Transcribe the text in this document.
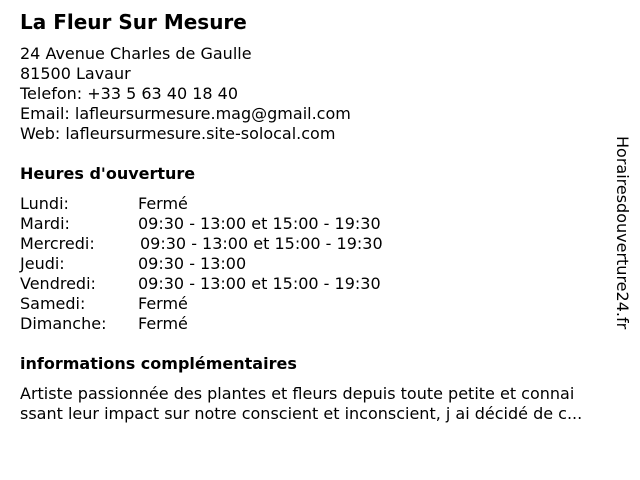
La Fleur Sur Mesure
24 Avenue Charles de Gaulle
81500 Lavaur
Telefon: +33 5 63 40 18 40
Email: lafleursurmesure.mag@gmail.com
Web: lafleursurmesure.site-solocal.com
Heures d'ouverture
Lundi:	Fermé
Mardi:	09:30 - 13:00 et 15:00 - 19:30
Mercredi:	09:30 - 13:00 et 15:00 - 19:30
Jeudi:	09:30 - 13:00
Vendredi:	09:30 - 13:00 et 15:00 - 19:30
Samedi:	Fermé
Dimanche: Fermé
informations complémentaires
Artiste passionnée des plantes et fleurs depuis toute petite et connai
ssant leur impact sur notre conscient et inconscient, j ai décidé de c...
Horairesdouverture24.fr
